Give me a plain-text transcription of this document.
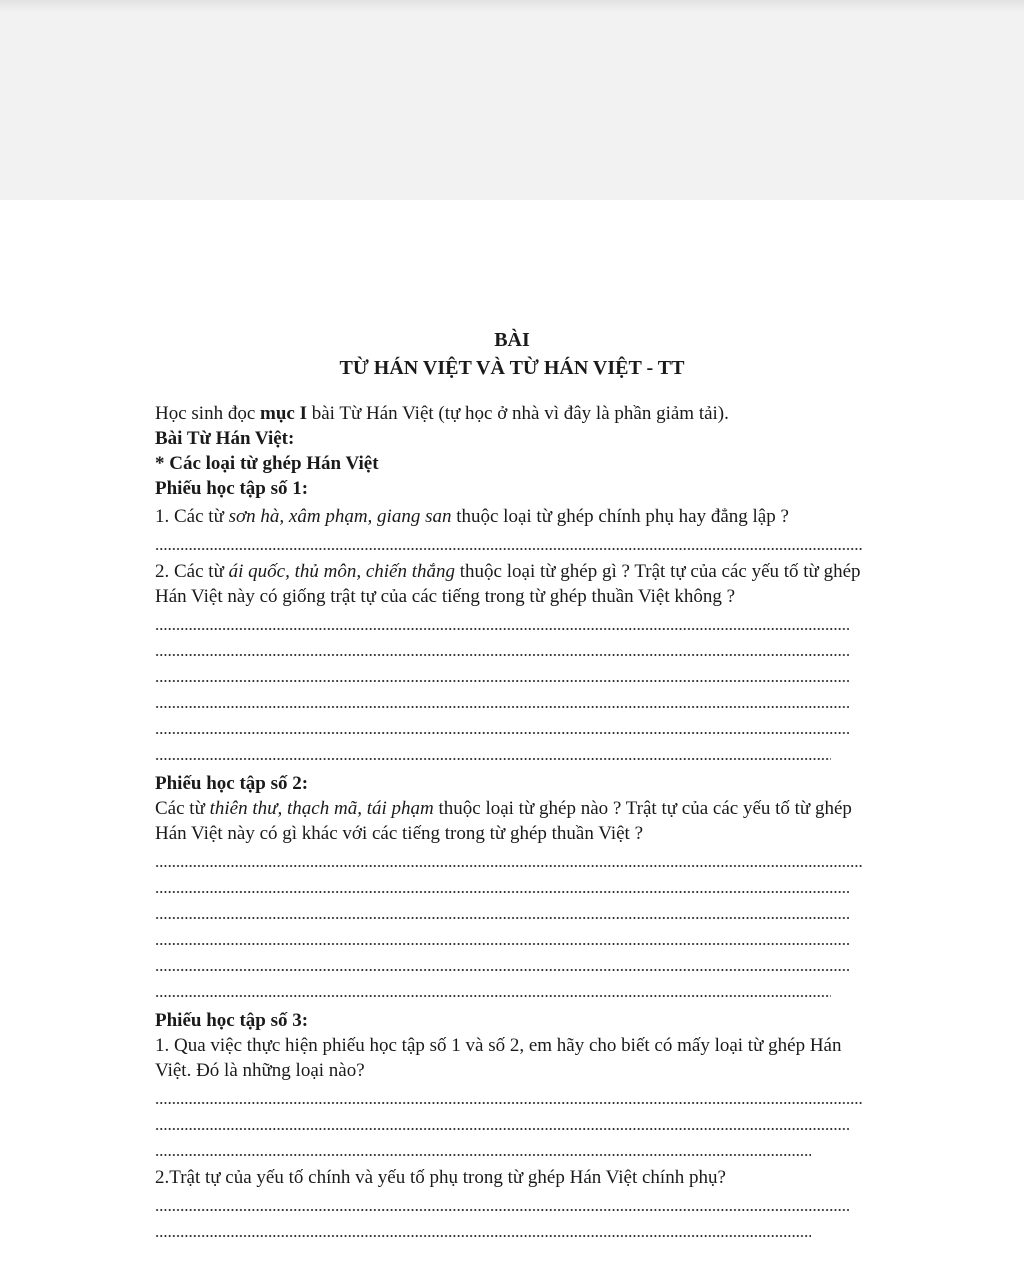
BÀI
TỪ HÁN VIỆT VÀ TỪ HÁN VIỆT - TT

Học sinh đọc mục I bài Từ Hán Việt (tự học ở nhà vì đây là phần giảm tải).

Bài Từ Hán Việt:

* Các loại từ ghép Hán Việt

Phiếu học tập số 1:

1. Các từ sơn hà, xâm phạm, giang san thuộc loại từ ghép chính phụ hay đẳng lập ?

2. Các từ ái quốc, thủ môn, chiến thắng thuộc loại từ ghép gì ? Trật tự của các yếu tố từ ghép Hán Việt này có giống trật tự của các tiếng trong từ ghép thuần Việt không ?

Phiếu học tập số 2:

Các từ thiên thư, thạch mã, tái phạm thuộc loại từ ghép nào ? Trật tự của các yếu tố từ ghép Hán Việt này có gì khác với các tiếng trong từ ghép thuần Việt ?

Phiếu học tập số 3:

1. Qua việc thực hiện phiếu học tập số 1 và số 2, em hãy cho biết có mấy loại từ ghép Hán Việt. Đó là những loại nào?

2.Trật tự của yếu tố chính và yếu tố phụ trong từ ghép Hán Việt chính phụ?
